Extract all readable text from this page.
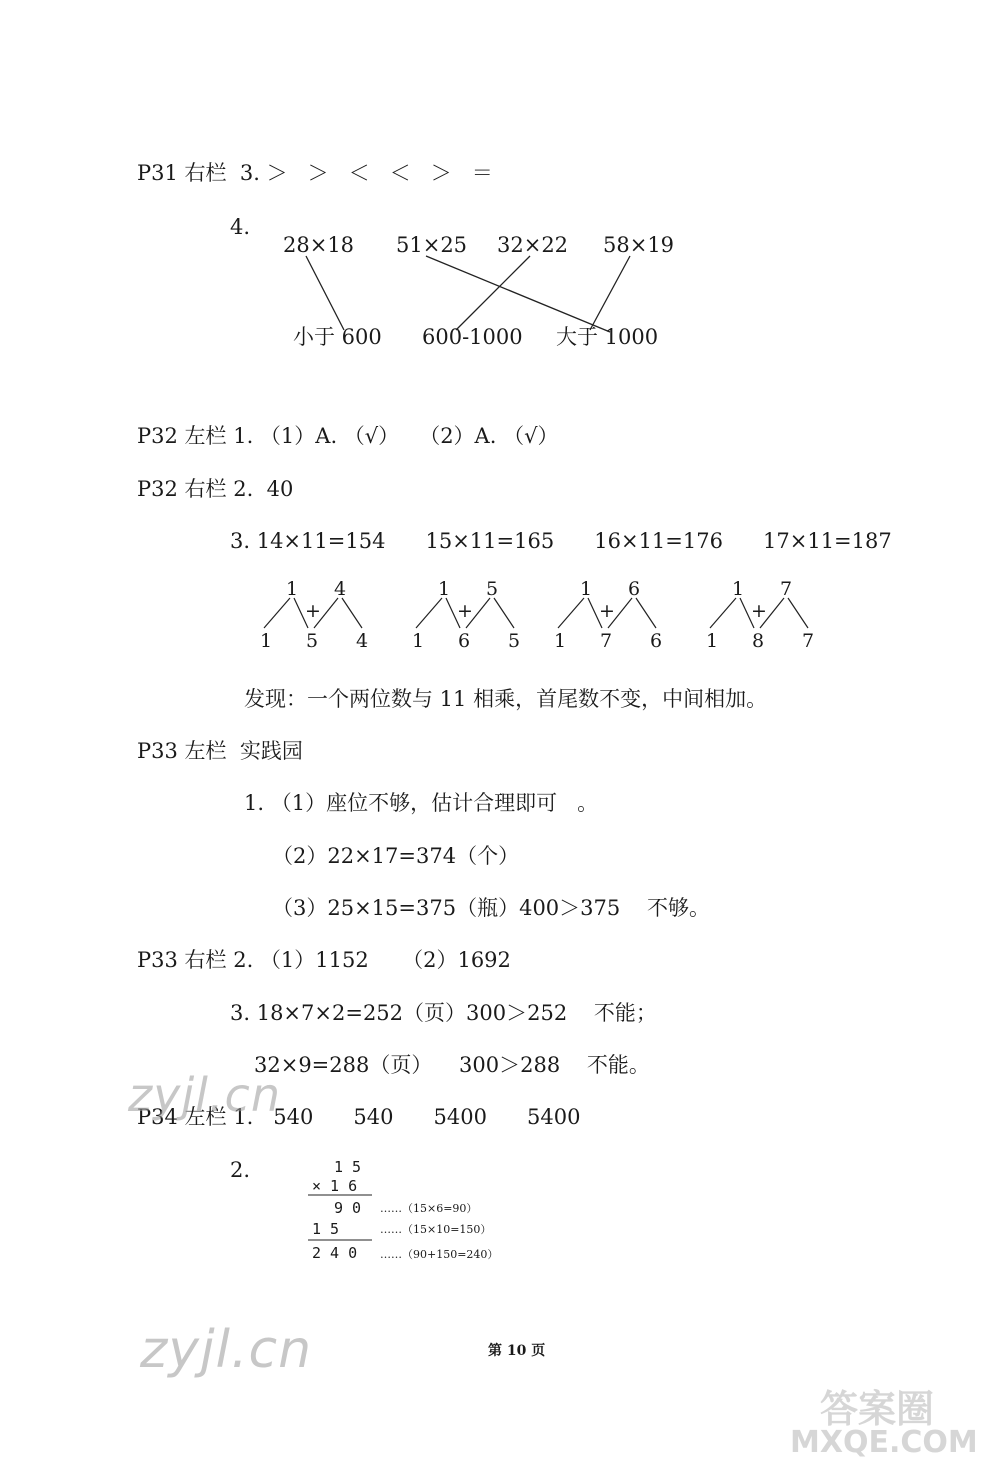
P31 右栏  3. ＞   ＞   ＜   ＜   ＞   ＝
4.
28×18 51×25 32×22 58×19
小于 600 600-1000 大于 1000
P32 左栏 1. （1）A. （√）   （2）A. （√）
P32 右栏 2.  40
3. 14×11=154      15×11=165      16×11=176      17×11=187
1 4
1 5 4
+
1 5
1 6 5
+
1 6
1 7 6
+
1 7
1 8 7
+
发现：一个两位数与 11 相乘，首尾数不变，中间相加。
P33 左栏  实践园
1. （1）座位不够，估计合理即可   。
（2）22×17=374（个）
（3）25×15=375（瓶）400＞375    不够。
P33 右栏 2. （1）1152     （2）1692
3. 18×7×2=252（页）300＞252    不能；
32×9=288（页）    300＞288    不能。
P34 左栏 1.   540      540      5400      5400
2.	1 5
× 1 6
9 0
1 5
2 4 0
……（15×6=90）
……（15×10=150）
……（90+150=240）
第 10 页
zyjl.cn
zyjl.cn
答案圈
MXQE.COM
